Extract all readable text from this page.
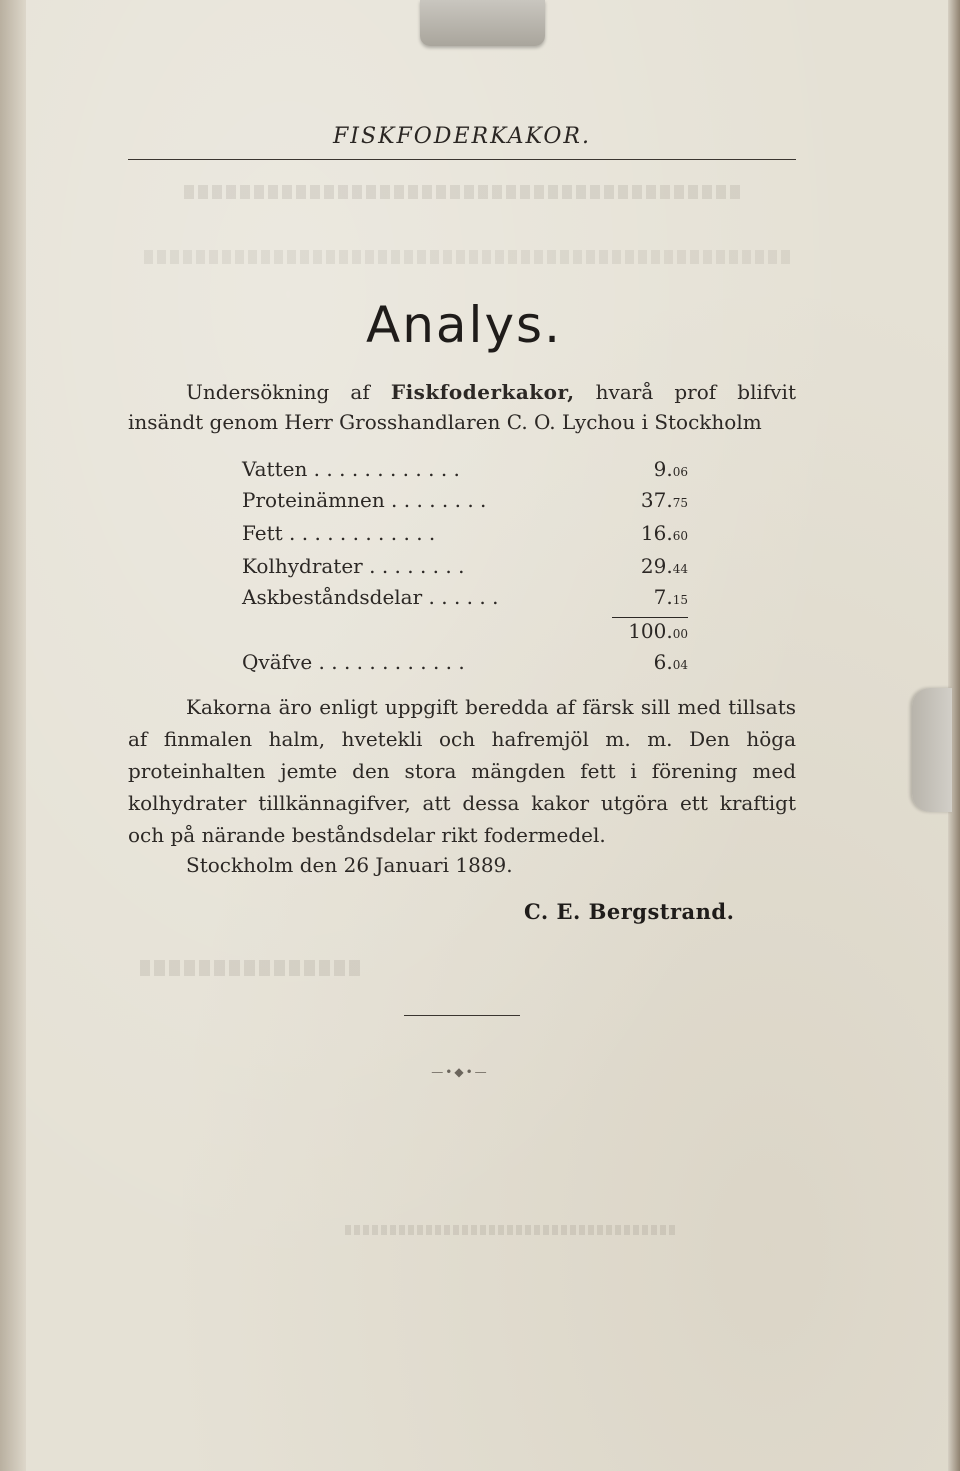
FISKFODERKAKOR.
Analys.
Undersökning af Fiskfoderkakor, hvarå prof blifvit insändt genom Herr Grosshandlaren C. O. Lychou i Stockholm
Vatten . . . . . . . . . . . .	9.06
Proteinämnen . . . . . . . .	37.75
Fett . . . . . . . . . . . .	16.60
Kolhydrater . . . . . . . .	29.44
Askbeståndsdelar . . . . . .	7.15
100.00
Qväfve . . . . . . . . . . . .	6.04
Kakorna äro enligt uppgift beredda af färsk sill med tillsats af finmalen halm, hvetekli och hafremjöl m. m. Den höga proteinhalten jemte den stora mängden fett i förening med kolhydrater tillkännagifver, att dessa kakor utgöra ett kraftigt och på närande beståndsdelar rikt fodermedel.
Stockholm den 26 Januari 1889.
C. E. Bergstrand.
—•◆•—
